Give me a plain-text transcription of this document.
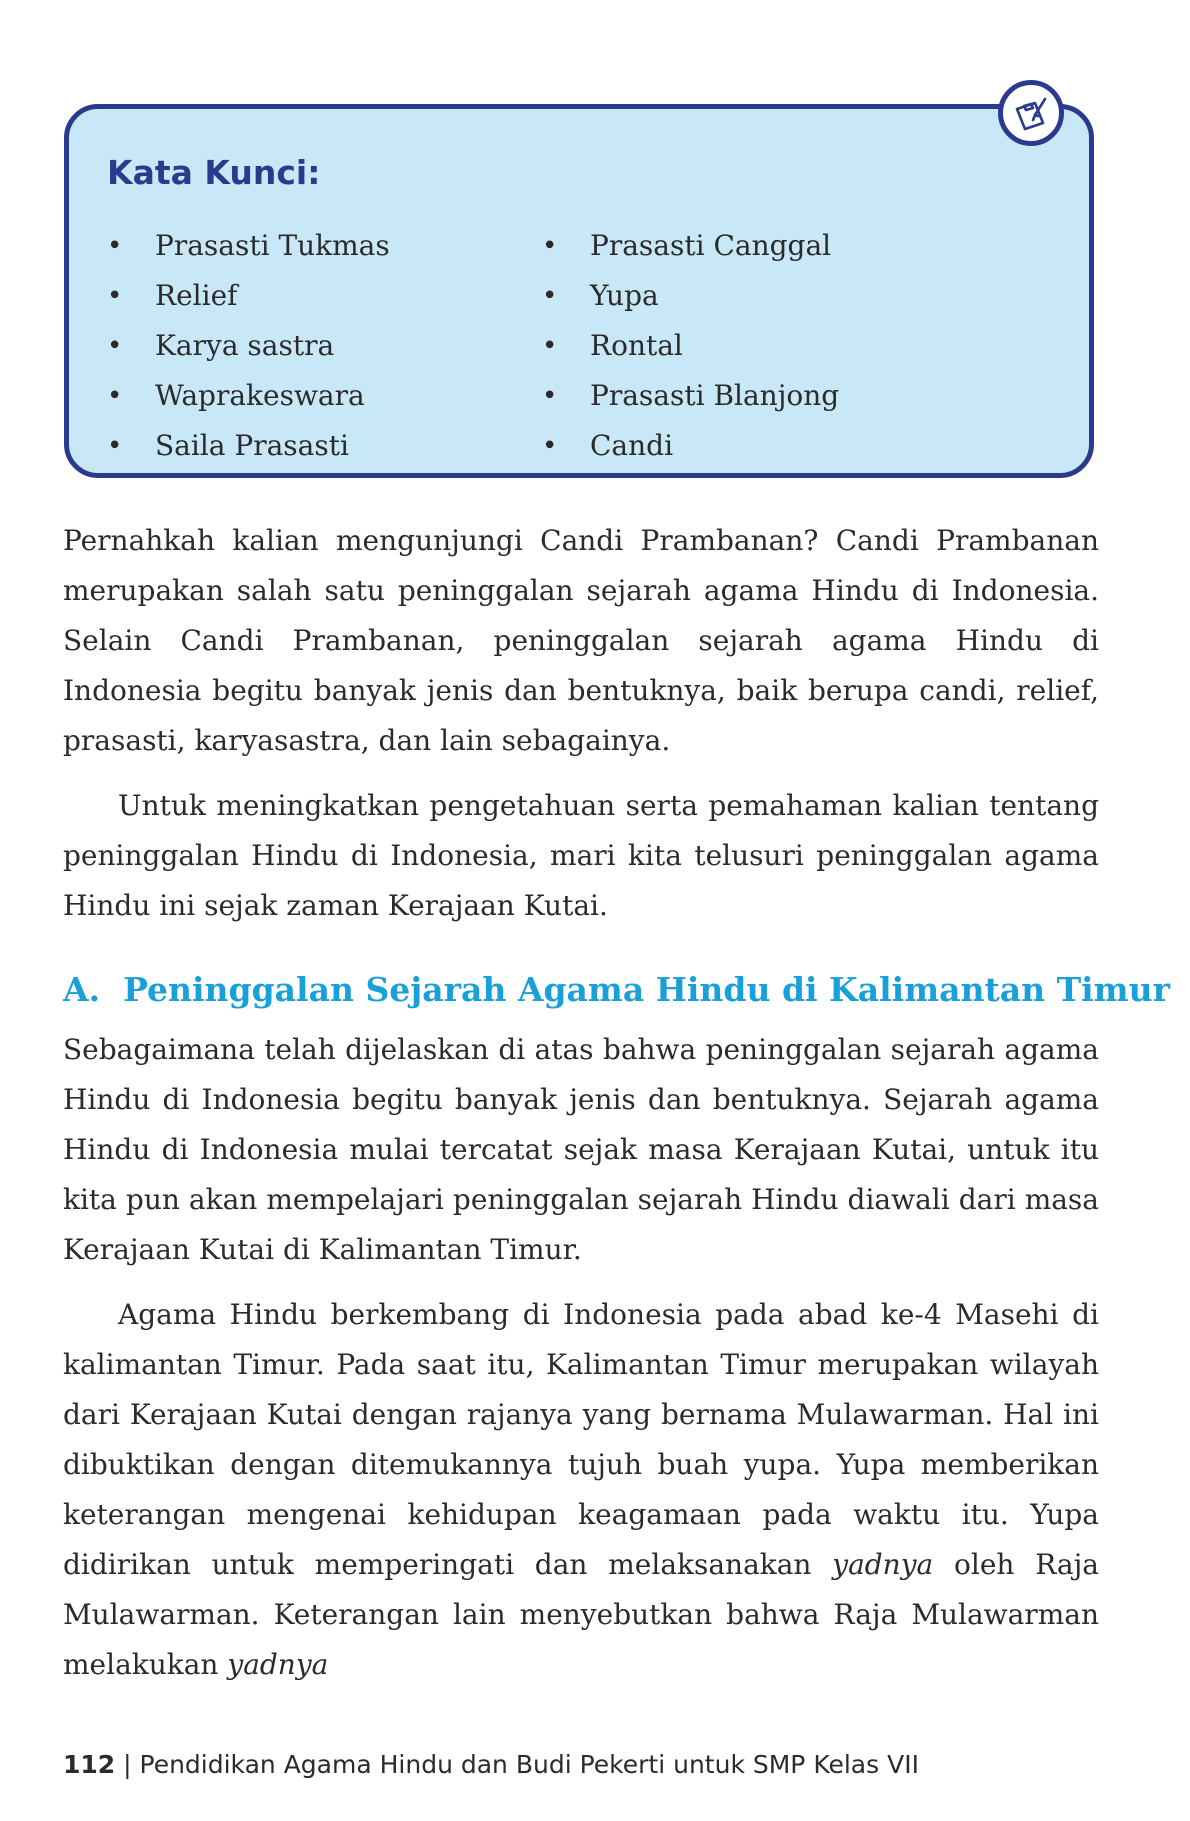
Kata Kunci:
• Prasasti Tukmas
• Relief
• Karya sastra
• Waprakeswara
• Saila Prasasti
• Prasasti Canggal
• Yupa
• Rontal
• Prasasti Blanjong
• Candi

Pernahkah kalian mengunjungi Candi Prambanan? Candi Prambanan merupakan salah satu peninggalan sejarah agama Hindu di Indonesia. Selain Candi Prambanan, peninggalan sejarah agama Hindu di Indonesia begitu banyak jenis dan bentuknya, baik berupa candi, relief, prasasti, karyasastra, dan lain sebagainya.

Untuk meningkatkan pengetahuan serta pemahaman kalian tentang peninggalan Hindu di Indonesia, mari kita telusuri peninggalan agama Hindu ini sejak zaman Kerajaan Kutai.

A.  Peninggalan Sejarah Agama Hindu di Kalimantan Timur

Sebagaimana telah dijelaskan di atas bahwa peninggalan sejarah agama Hindu di Indonesia begitu banyak jenis dan bentuknya. Sejarah agama Hindu di Indonesia mulai tercatat sejak masa Kerajaan Kutai, untuk itu kita pun akan mempelajari peninggalan sejarah Hindu diawali dari masa Kerajaan Kutai di Kalimantan Timur.

Agama Hindu berkembang di Indonesia pada abad ke-4 Masehi di kalimantan Timur. Pada saat itu, Kalimantan Timur merupakan wilayah dari Kerajaan Kutai dengan rajanya yang bernama Mulawarman. Hal ini dibuktikan dengan ditemukannya tujuh buah yupa. Yupa memberikan keterangan mengenai kehidupan keagamaan pada waktu itu. Yupa didirikan untuk memperingati dan melaksanakan yadnya oleh Raja Mulawarman. Keterangan lain menyebutkan bahwa Raja Mulawarman melakukan yadnya

112 | Pendidikan Agama Hindu dan Budi Pekerti untuk SMP Kelas VII
